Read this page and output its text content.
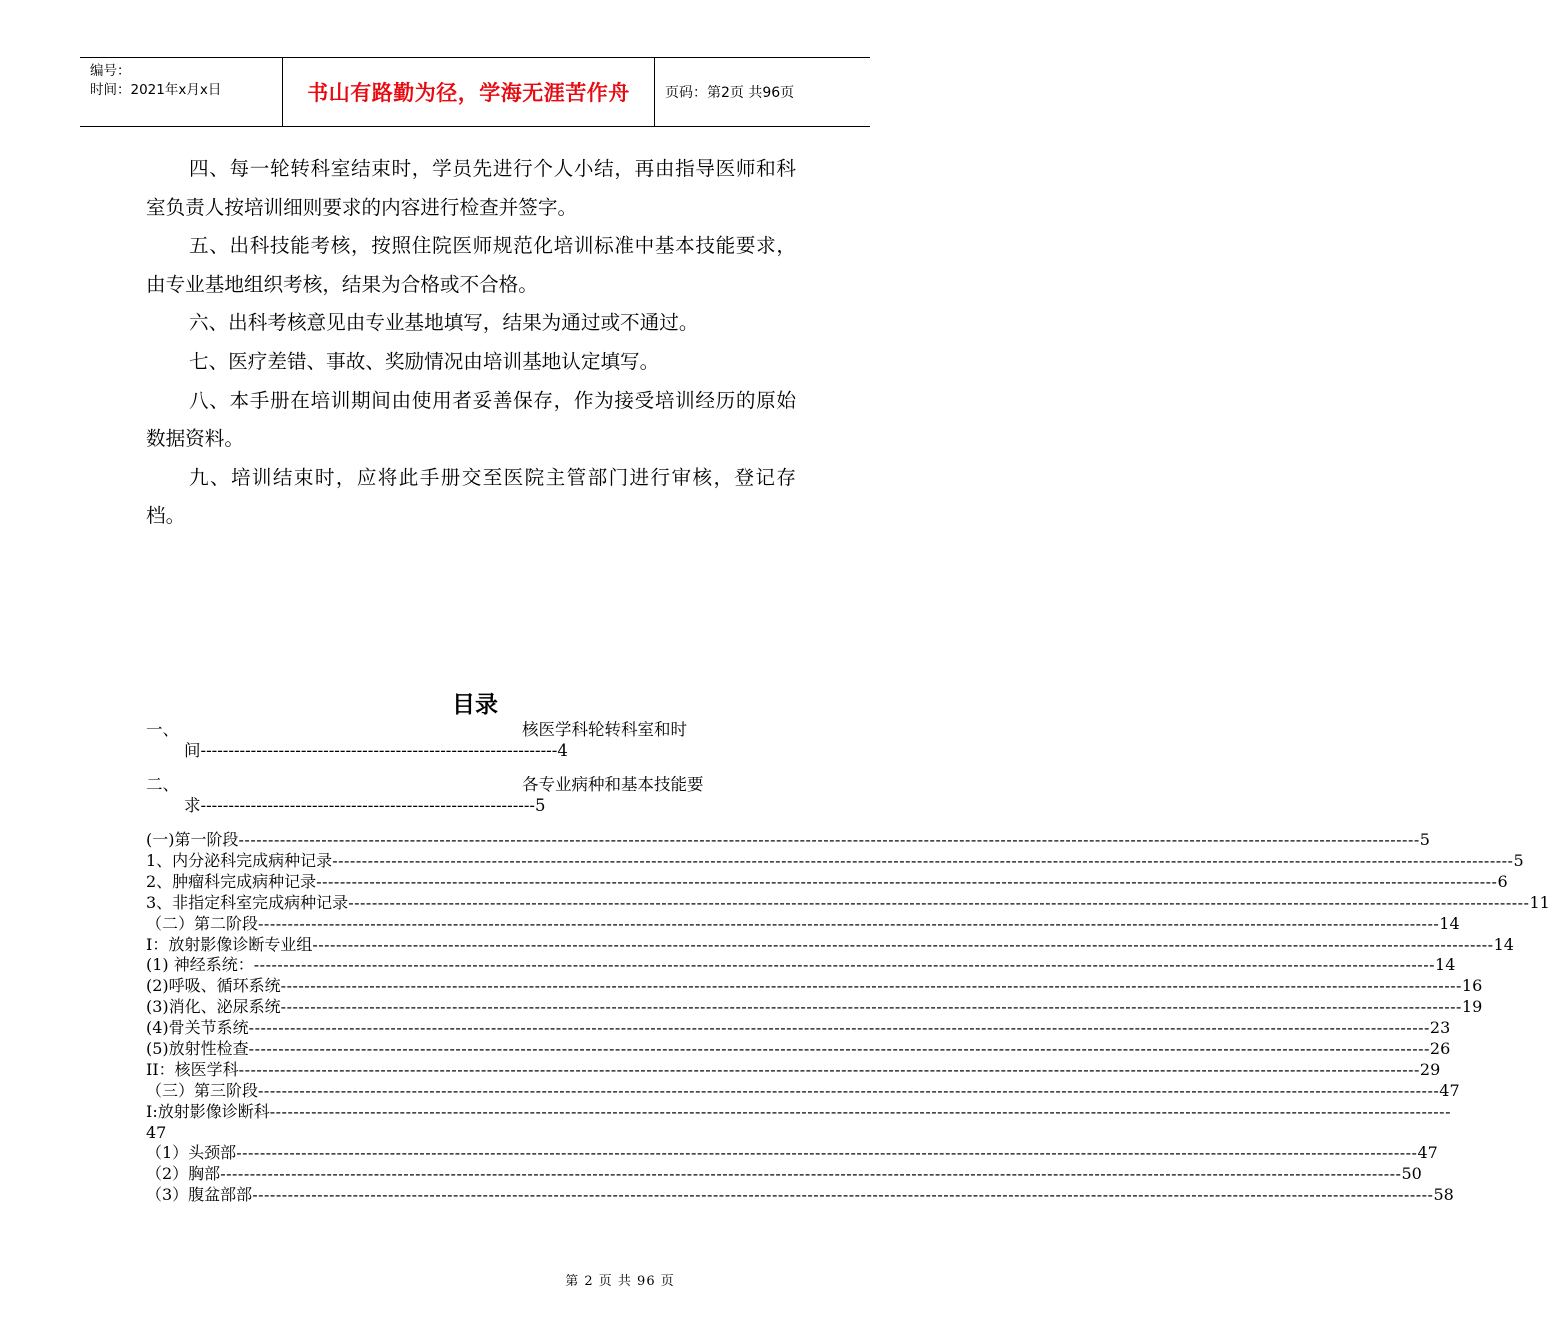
编号：
时间：2021年x月x日	书山有路勤为径，学海无涯苦作舟	页码：第2页 共96页

四、每一轮转科室结束时，学员先进行个人小结，再由指导医师和科室负责人按培训细则要求的内容进行检查并签字。

五、出科技能考核，按照住院医师规范化培训标准中基本技能要求，由专业基地组织考核，结果为合格或不合格。

六、出科考核意见由专业基地填写，结果为通过或不通过。

七、医疗差错、事故、奖励情况由培训基地认定填写。

八、本手册在培训期间由使用者妥善保存，作为接受培训经历的原始数据资料。

九、培训结束时，应将此手册交至医院主管部门进行审核，登记存档。

目录
一、	核医学科轮转科室和时
间----------------------------------------------------------------4
二、	各专业病种和基本技能要
求------------------------------------------------------------5
(一)第一阶段 -------------------------------------------------------------------------------------------------------------------------------------------------------------------------------------------------------- 5
1、内分泌科完成病种记录 -------------------------------------------------------------------------------------------------------------------------------------------------------------------------------------------------------- 5
2、肿瘤科完成病种记录 -------------------------------------------------------------------------------------------------------------------------------------------------------------------------------------------------------- 6
3、非指定科室完成病种记录 -------------------------------------------------------------------------------------------------------------------------------------------------------------------------------------------------------- 11
（二）第二阶段 -------------------------------------------------------------------------------------------------------------------------------------------------------------------------------------------------------- 14
I：放射影像诊断专业组 -------------------------------------------------------------------------------------------------------------------------------------------------------------------------------------------------------- 14
(1) 神经系统： -------------------------------------------------------------------------------------------------------------------------------------------------------------------------------------------------------- 14
(2)呼吸、循环系统 -------------------------------------------------------------------------------------------------------------------------------------------------------------------------------------------------------- 16
(3)消化、泌尿系统 -------------------------------------------------------------------------------------------------------------------------------------------------------------------------------------------------------- 19
(4)骨关节系统 -------------------------------------------------------------------------------------------------------------------------------------------------------------------------------------------------------- 23
(5)放射性检查 -------------------------------------------------------------------------------------------------------------------------------------------------------------------------------------------------------- 26
II：核医学科 -------------------------------------------------------------------------------------------------------------------------------------------------------------------------------------------------------- 29
（三）第三阶段 -------------------------------------------------------------------------------------------------------------------------------------------------------------------------------------------------------- 47
I:放射影像诊断科 --------------------------------------------------------------------------------------------------------------------------------------------------------------------------------------------------------
47
（1）头颈部 -------------------------------------------------------------------------------------------------------------------------------------------------------------------------------------------------------- 47
（2）胸部 -------------------------------------------------------------------------------------------------------------------------------------------------------------------------------------------------------- 50
（3）腹盆部部 -------------------------------------------------------------------------------------------------------------------------------------------------------------------------------------------------------- 58
第 2 页 共 96 页
